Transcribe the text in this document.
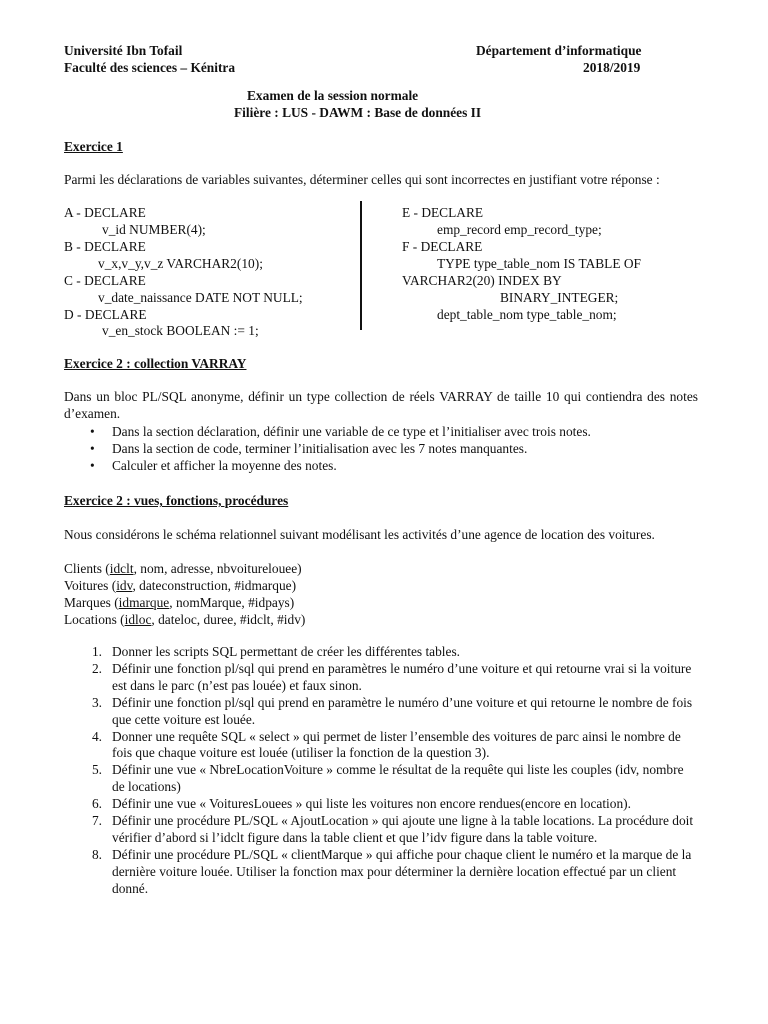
Université Ibn Tofail
Faculté des sciences – Kénitra
Département d’informatique
2018/2019
Examen de la session normale
Filière : LUS - DAWM : Base de données II
Exercice 1
Parmi les déclarations de variables suivantes, déterminer celles qui sont incorrectes en justifiant votre réponse :
A - DECLARE
v_id NUMBER(4);
B - DECLARE
v_x,v_y,v_z VARCHAR2(10);
C - DECLARE
v_date_naissance DATE NOT NULL;
D - DECLARE
v_en_stock BOOLEAN := 1;
E - DECLARE
emp_record emp_record_type;
F - DECLARE
TYPE type_table_nom IS TABLE OF
VARCHAR2(20) INDEX BY
BINARY_INTEGER;
dept_table_nom type_table_nom;
Exercice 2 : collection VARRAY
Dans un bloc PL/SQL anonyme, définir un type collection de réels VARRAY de taille 10 qui contiendra des notes d’examen.
• Dans la section déclaration, définir une variable de ce type et l’initialiser avec trois notes.
• Dans la section de code, terminer l’initialisation avec les 7 notes manquantes.
• Calculer et afficher la moyenne des notes.
Exercice 2 : vues, fonctions, procédures
Nous considérons le schéma relationnel suivant modélisant les activités d’une agence de location des voitures.
Clients (idclt, nom, adresse, nbvoiturelouee)
Voitures (idv, dateconstruction, #idmarque)
Marques (idmarque, nomMarque, #idpays)
Locations (idloc, dateloc, duree, #idclt, #idv)
1. Donner les scripts SQL permettant de créer les différentes tables.
2. Définir une fonction pl/sql qui prend en paramètres le numéro d’une voiture et qui retourne vrai si la voiture est dans le parc (n’est pas louée) et faux sinon.
3. Définir une fonction pl/sql qui prend en paramètre le numéro d’une voiture et qui retourne le nombre de fois que cette voiture est louée.
4. Donner une requête SQL « select » qui permet de lister l’ensemble des voitures de parc ainsi le nombre de fois que chaque voiture est louée (utiliser la fonction de la question 3).
5. Définir une vue « NbreLocationVoiture » comme le résultat de la requête qui liste les couples (idv, nombre de locations)
6. Définir une vue « VoituresLouees » qui liste les voitures non encore rendues(encore en location).
7. Définir une procédure PL/SQL « AjoutLocation » qui ajoute une ligne à la table locations. La procédure doit vérifier d’abord si l’idclt figure dans la table client et que l’idv figure dans la table voiture.
8. Définir une procédure PL/SQL « clientMarque » qui affiche pour chaque client le numéro et la marque de la dernière voiture louée. Utiliser la fonction max pour déterminer la dernière location effectué par un client donné.
